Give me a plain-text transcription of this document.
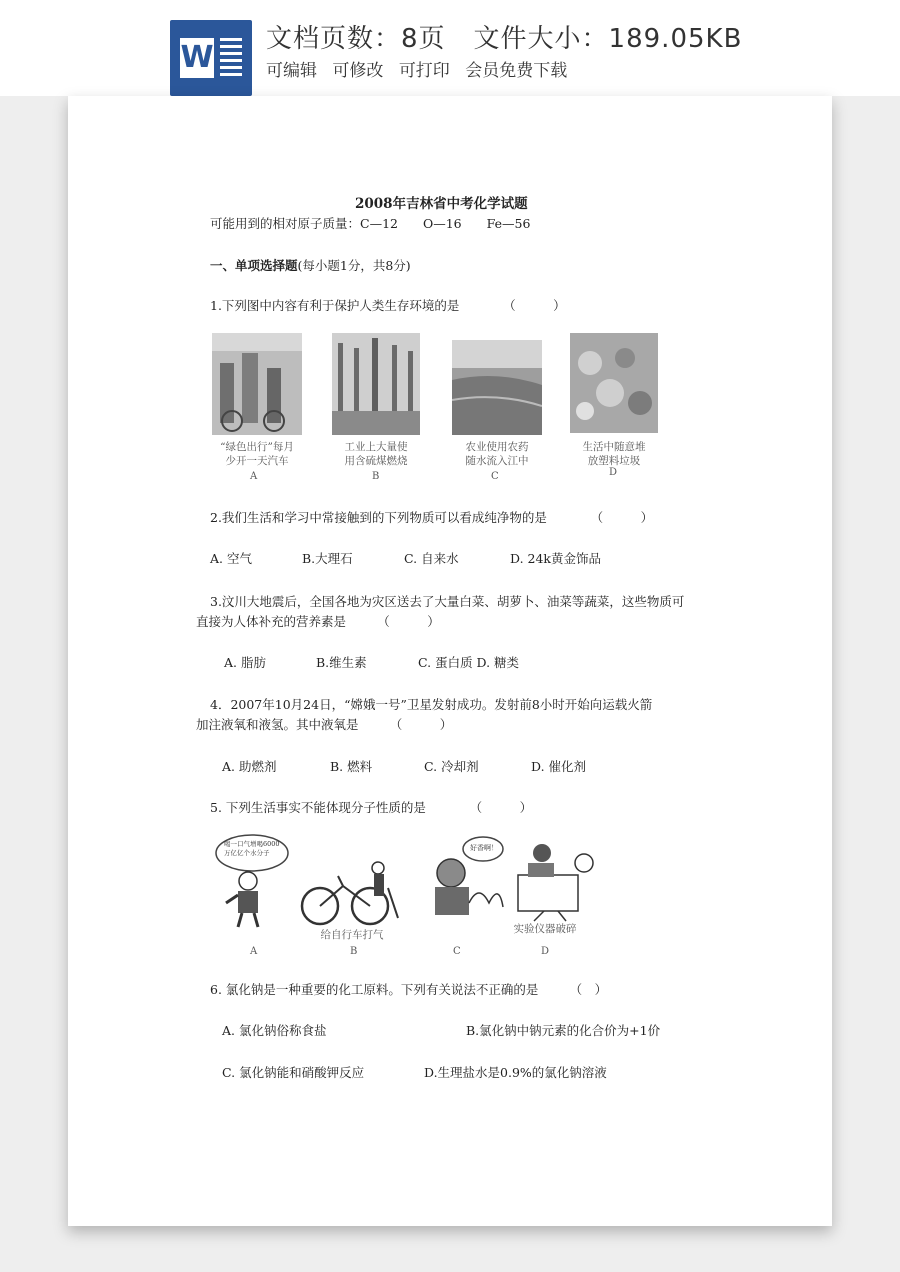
W
文档页数：8页 文件大小：189.05KB
可编辑 可修改 可打印 会员免费下载
2008年吉林省中考化学试题
可能用到的相对原子质量：C—12　　O—16　　Fe—56
一、单项选择题(每小题1分，共8分)
1.下列图中内容有利于保护人类生存环境的是　　　　（　　　）
“绿色出行”每月
少开一天汽车
工业上大量使
用含硫煤燃烧
农业使用农药
随水流入江中
生活中随意堆
放塑料垃圾
A	B	C	D
2.我们生活和学习中常接触到的下列物质可以看成纯净物的是　　　　（　　　）
A. 空气	B.大理石	C. 自来水	D. 24k黄金饰品
3.汶川大地震后，全国各地为灾区送去了大量白菜、胡萝卜、油菜等蔬菜，这些物质可
直接为人体补充的营养素是　　　（　　　）
A. 脂肪	B.维生素	C. 蛋白质 D. 糖类
4．2007年10月24日，“嫦娥一号”卫星发射成功。发射前8小时开始向运载火箭
加注液氧和液氢。其中液氧是　　　（　　　）
A. 助燃剂	B. 燃料	C. 冷却剂	D. 催化剂
5. 下列生活事实不能体现分子性质的是　　　　（　　　）
喝一口气增喝6000万亿亿个水分子
给自行车打气
好香啊！
实验仪器破碎
A	B	C	D
6. 氯化钠是一种重要的化工原料。下列有关说法不正确的是　　　（　）
A. 氯化钠俗称食盐	B.氯化钠中钠元素的化合价为+1价
C. 氯化钠能和硝酸钾反应	D.生理盐水是0.9%的氯化钠溶液
